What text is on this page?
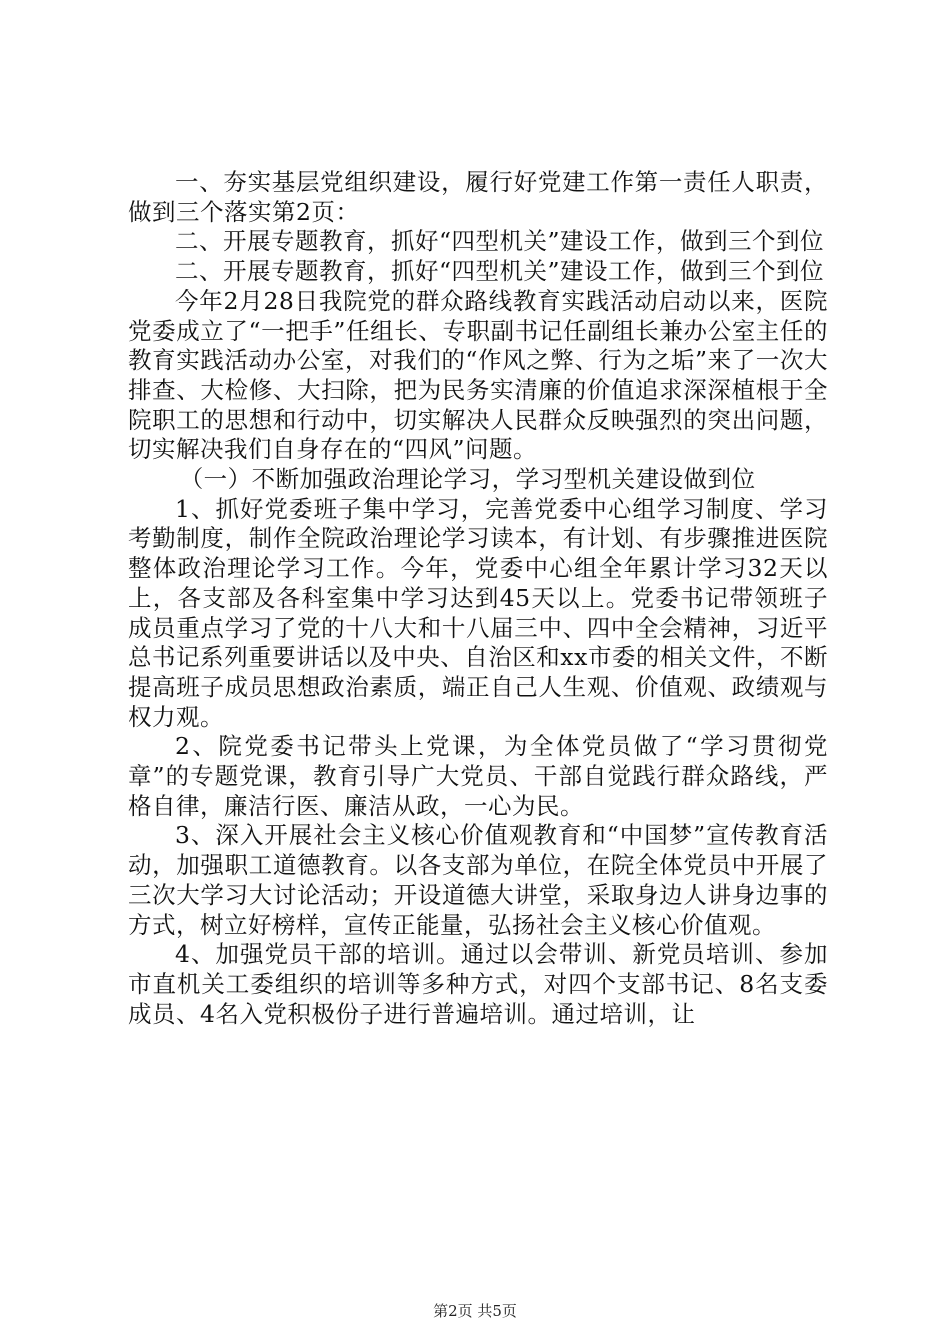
一、夯实基层党组织建设，履行好党建工作第一责任人职责，做到三个落实第2页：

二、开展专题教育，抓好“四型机关”建设工作，做到三个到位

二、开展专题教育，抓好“四型机关”建设工作，做到三个到位

今年2月28日我院党的群众路线教育实践活动启动以来，医院党委成立了“一把手”任组长、专职副书记任副组长兼办公室主任的教育实践活动办公室，对我们的“作风之弊、行为之垢”来了一次大排查、大检修、大扫除，把为民务实清廉的价值追求深深植根于全院职工的思想和行动中，切实解决人民群众反映强烈的突出问题，切实解决我们自身存在的“四风”问题。

（一）不断加强政治理论学习，学习型机关建设做到位

1、抓好党委班子集中学习，完善党委中心组学习制度、学习考勤制度，制作全院政治理论学习读本，有计划、有步骤推进医院整体政治理论学习工作。今年，党委中心组全年累计学习32天以上，各支部及各科室集中学习达到45天以上。党委书记带领班子成员重点学习了党的十八大和十八届三中、四中全会精神，习近平总书记系列重要讲话以及中央、自治区和xx市委的相关文件，不断提高班子成员思想政治素质，端正自己人生观、价值观、政绩观与权力观。

2、院党委书记带头上党课，为全体党员做了“学习贯彻党章”的专题党课，教育引导广大党员、干部自觉践行群众路线，严格自律，廉洁行医、廉洁从政，一心为民。

3、深入开展社会主义核心价值观教育和“中国梦”宣传教育活动，加强职工道德教育。以各支部为单位，在院全体党员中开展了三次大学习大讨论活动；开设道德大讲堂，采取身边人讲身边事的方式，树立好榜样，宣传正能量，弘扬社会主义核心价值观。

4、加强党员干部的培训。通过以会带训、新党员培训、参加市直机关工委组织的培训等多种方式，对四个支部书记、8名支委成员、4名入党积极份子进行普遍培训。通过培训，让

第2页 共5页
